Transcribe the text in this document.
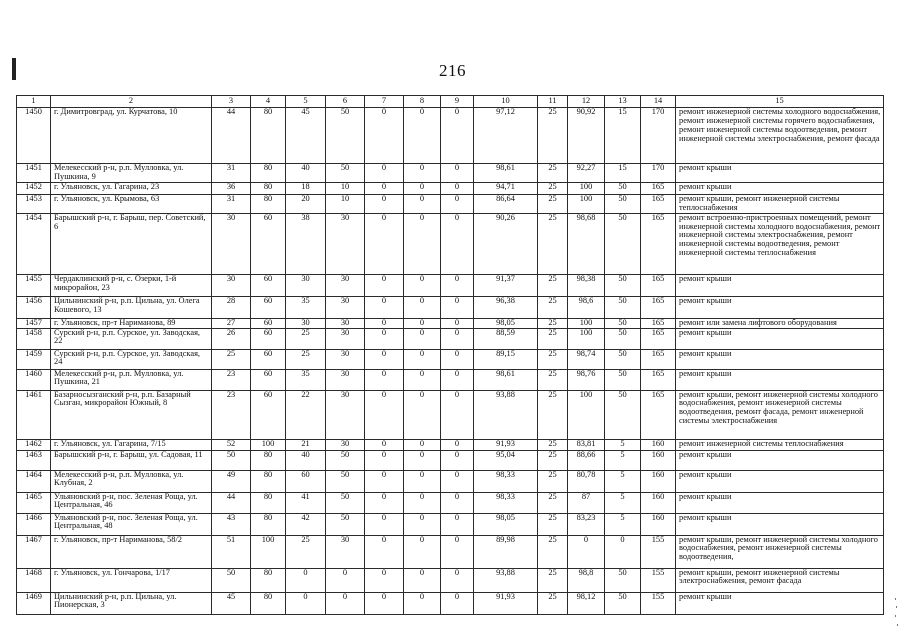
216
1	2	3	4	5	6	7	8	9	10	11	12	13	14	15
1450	г. Димитровград, ул. Курчатова, 10	44	80	45	50	0	0	0	97,12	25	90,92	15	170	ремонт инженерной системы холодного водоснабжения, ремонт инженерной системы горячего водоснабжения, ремонт инженерной системы водоотведения, ремонт инженерной системы электроснабжения, ремонт фасада
1451	Мелекесский р-н, р.п. Мулловка, ул. Пушкина, 9	31	80	40	50	0	0	0	98,61	25	92,27	15	170	ремонт крыши
1452	г. Ульяновск, ул. Гагарина, 23	36	80	18	10	0	0	0	94,71	25	100	50	165	ремонт крыши
1453	г. Ульяновск, ул. Крымова, 63	31	80	20	10	0	0	0	86,64	25	100	50	165	ремонт крыши, ремонт инженерной системы теплоснабжения
1454	Барышский р-н, г. Барыш, пер. Советский, 6	30	60	38	30	0	0	0	90,26	25	98,68	50	165	ремонт встроенно-пристроенных помещений, ремонт инженерной системы холодного водоснабжения, ремонт инженерной системы электроснабжения, ремонт инженерной системы водоотведения, ремонт инженерной системы теплоснабжения
1455	Чердаклинский р-н, с. Озерки, 1-й микрорайон, 23	30	60	30	30	0	0	0	91,37	25	98,38	50	165	ремонт крыши
1456	Цильнинский р-н, р.п. Цильна, ул. Олега Кошевого, 13	28	60	35	30	0	0	0	96,38	25	98,6	50	165	ремонт крыши
1457	г. Ульяновск, пр-т Нариманова, 89	27	60	30	30	0	0	0	98,05	25	100	50	165	ремонт или замена лифтового оборудования
1458	Сурский р-н, р.п. Сурское, ул. Заводская, 22	26	60	25	30	0	0	0	88,59	25	100	50	165	ремонт крыши
1459	Сурский р-н, р.п. Сурское, ул. Заводская, 24	25	60	25	30	0	0	0	89,15	25	98,74	50	165	ремонт крыши
1460	Мелекесский р-н, р.п. Мулловка, ул. Пушкина, 21	23	60	35	30	0	0	0	98,61	25	98,76	50	165	ремонт крыши
1461	Базарносызганский р-н, р.п. Базарный Сызган, микрорайон Южный, 8	23	60	22	30	0	0	0	93,88	25	100	50	165	ремонт крыши, ремонт инженерной системы холодного водоснабжения, ремонт инженерной системы водоотведения, ремонт фасада, ремонт инженерной системы электроснабжения
1462	г. Ульяновск, ул. Гагарина, 7/15	52	100	21	30	0	0	0	91,93	25	83,81	5	160	ремонт инженерной системы теплоснабжения
1463	Барышский р-н, г. Барыш, ул. Садовая, 11	50	80	40	50	0	0	0	95,04	25	88,66	5	160	ремонт крыши
1464	Мелекесский р-н, р.п. Мулловка, ул. Клубная, 2	49	80	60	50	0	0	0	98,33	25	80,78	5	160	ремонт крыши
1465	Ульяновский р-н, пос. Зеленая Роща, ул. Центральная, 46	44	80	41	50	0	0	0	98,33	25	87	5	160	ремонт крыши
1466	Ульяновский р-н, пос. Зеленая Роща, ул. Центральная, 48	43	80	42	50	0	0	0	98,05	25	83,23	5	160	ремонт крыши
1467	г. Ульяновск, пр-т Нариманова, 58/2	51	100	25	30	0	0	0	89,98	25	0	0	155	ремонт крыши, ремонт инженерной системы холодного водоснабжения, ремонт инженерной системы водоотведения,
1468	г. Ульяновск, ул. Гончарова, 1/17	50	80	0	0	0	0	0	93,88	25	98,8	50	155	ремонт крыши, ремонт инженерной системы электроснабжения, ремонт фасада
1469	Цильнинский р-н, р.п. Цильна, ул. Пионерская, 3	45	80	0	0	0	0	0	91,93	25	98,12	50	155	ремонт крыши
